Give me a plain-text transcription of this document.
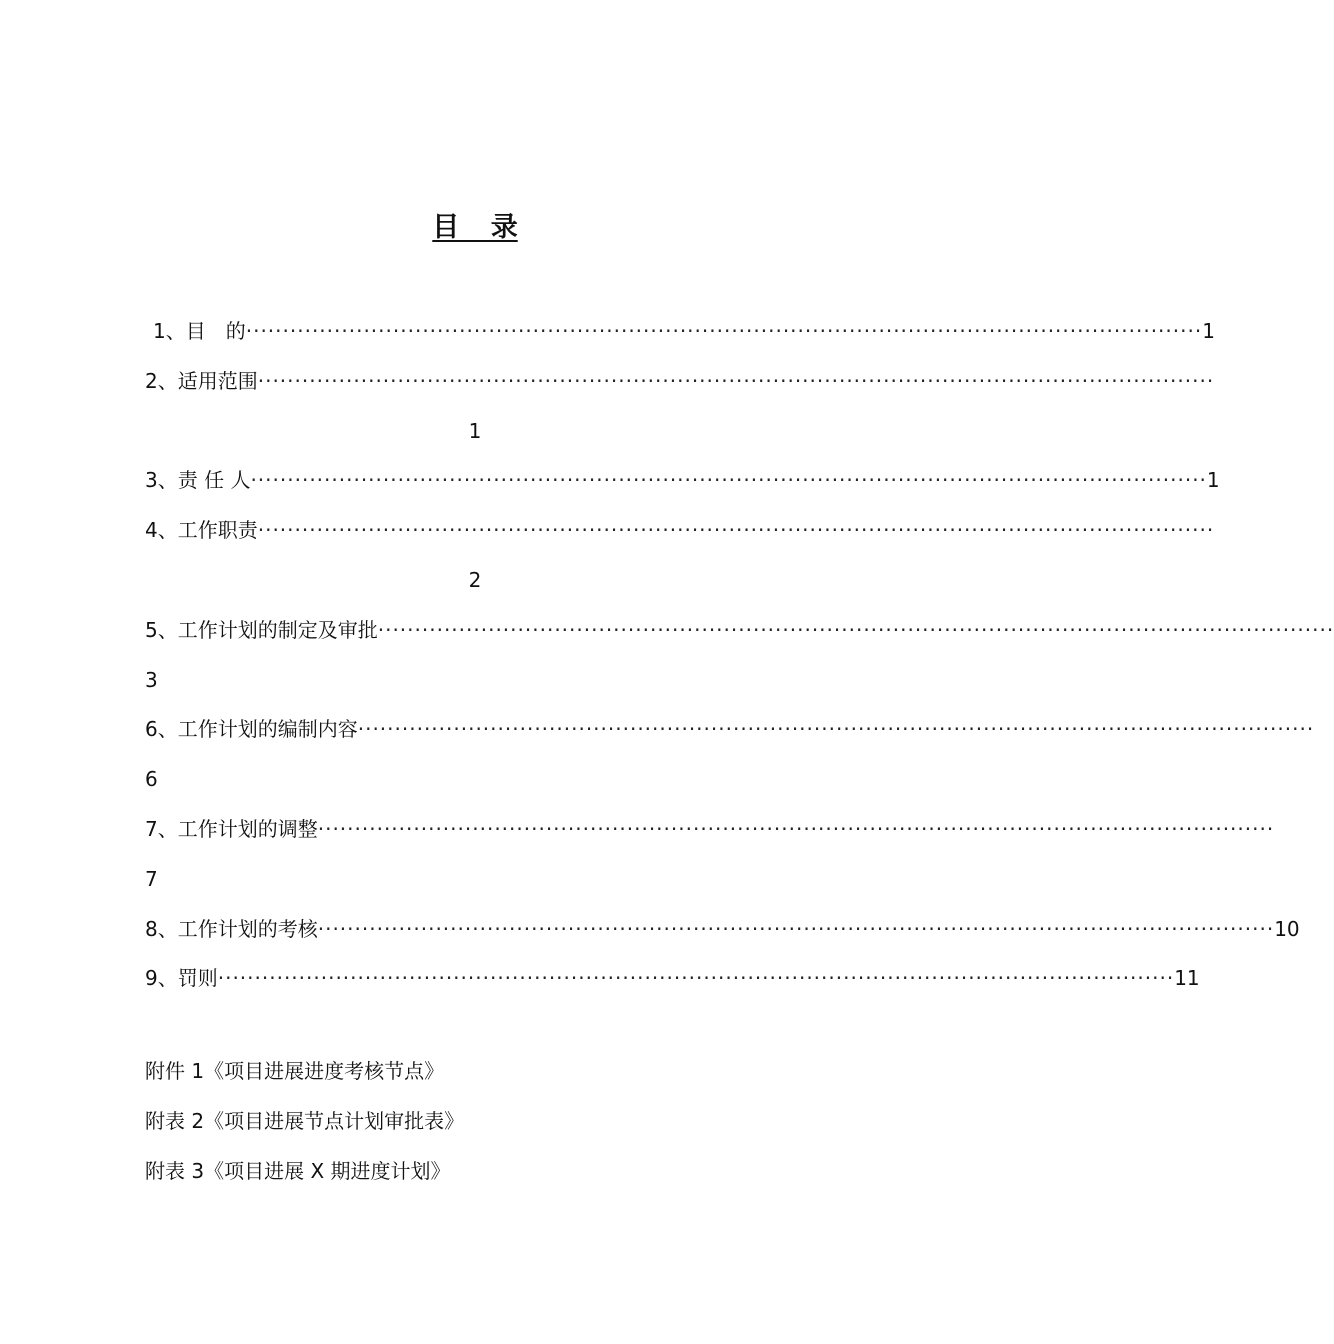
目 录
1、目　的 ·································································································································· 1
2、适用范围 ··································································································································
1
3、责 任 人 ·································································································································· 1
4、工作职责 ··································································································································
2
5、工作计划的制定及审批 ··································································································································
3
6、工作计划的编制内容 ··································································································································
6
7、工作计划的调整 ··································································································································
7
8、工作计划的考核 ·································································································································· 10
9、罚则 ·································································································································· 11
附件 1《项目进展进度考核节点》
附表 2《项目进展节点计划审批表》
附表 3《项目进展 X 期进度计划》
